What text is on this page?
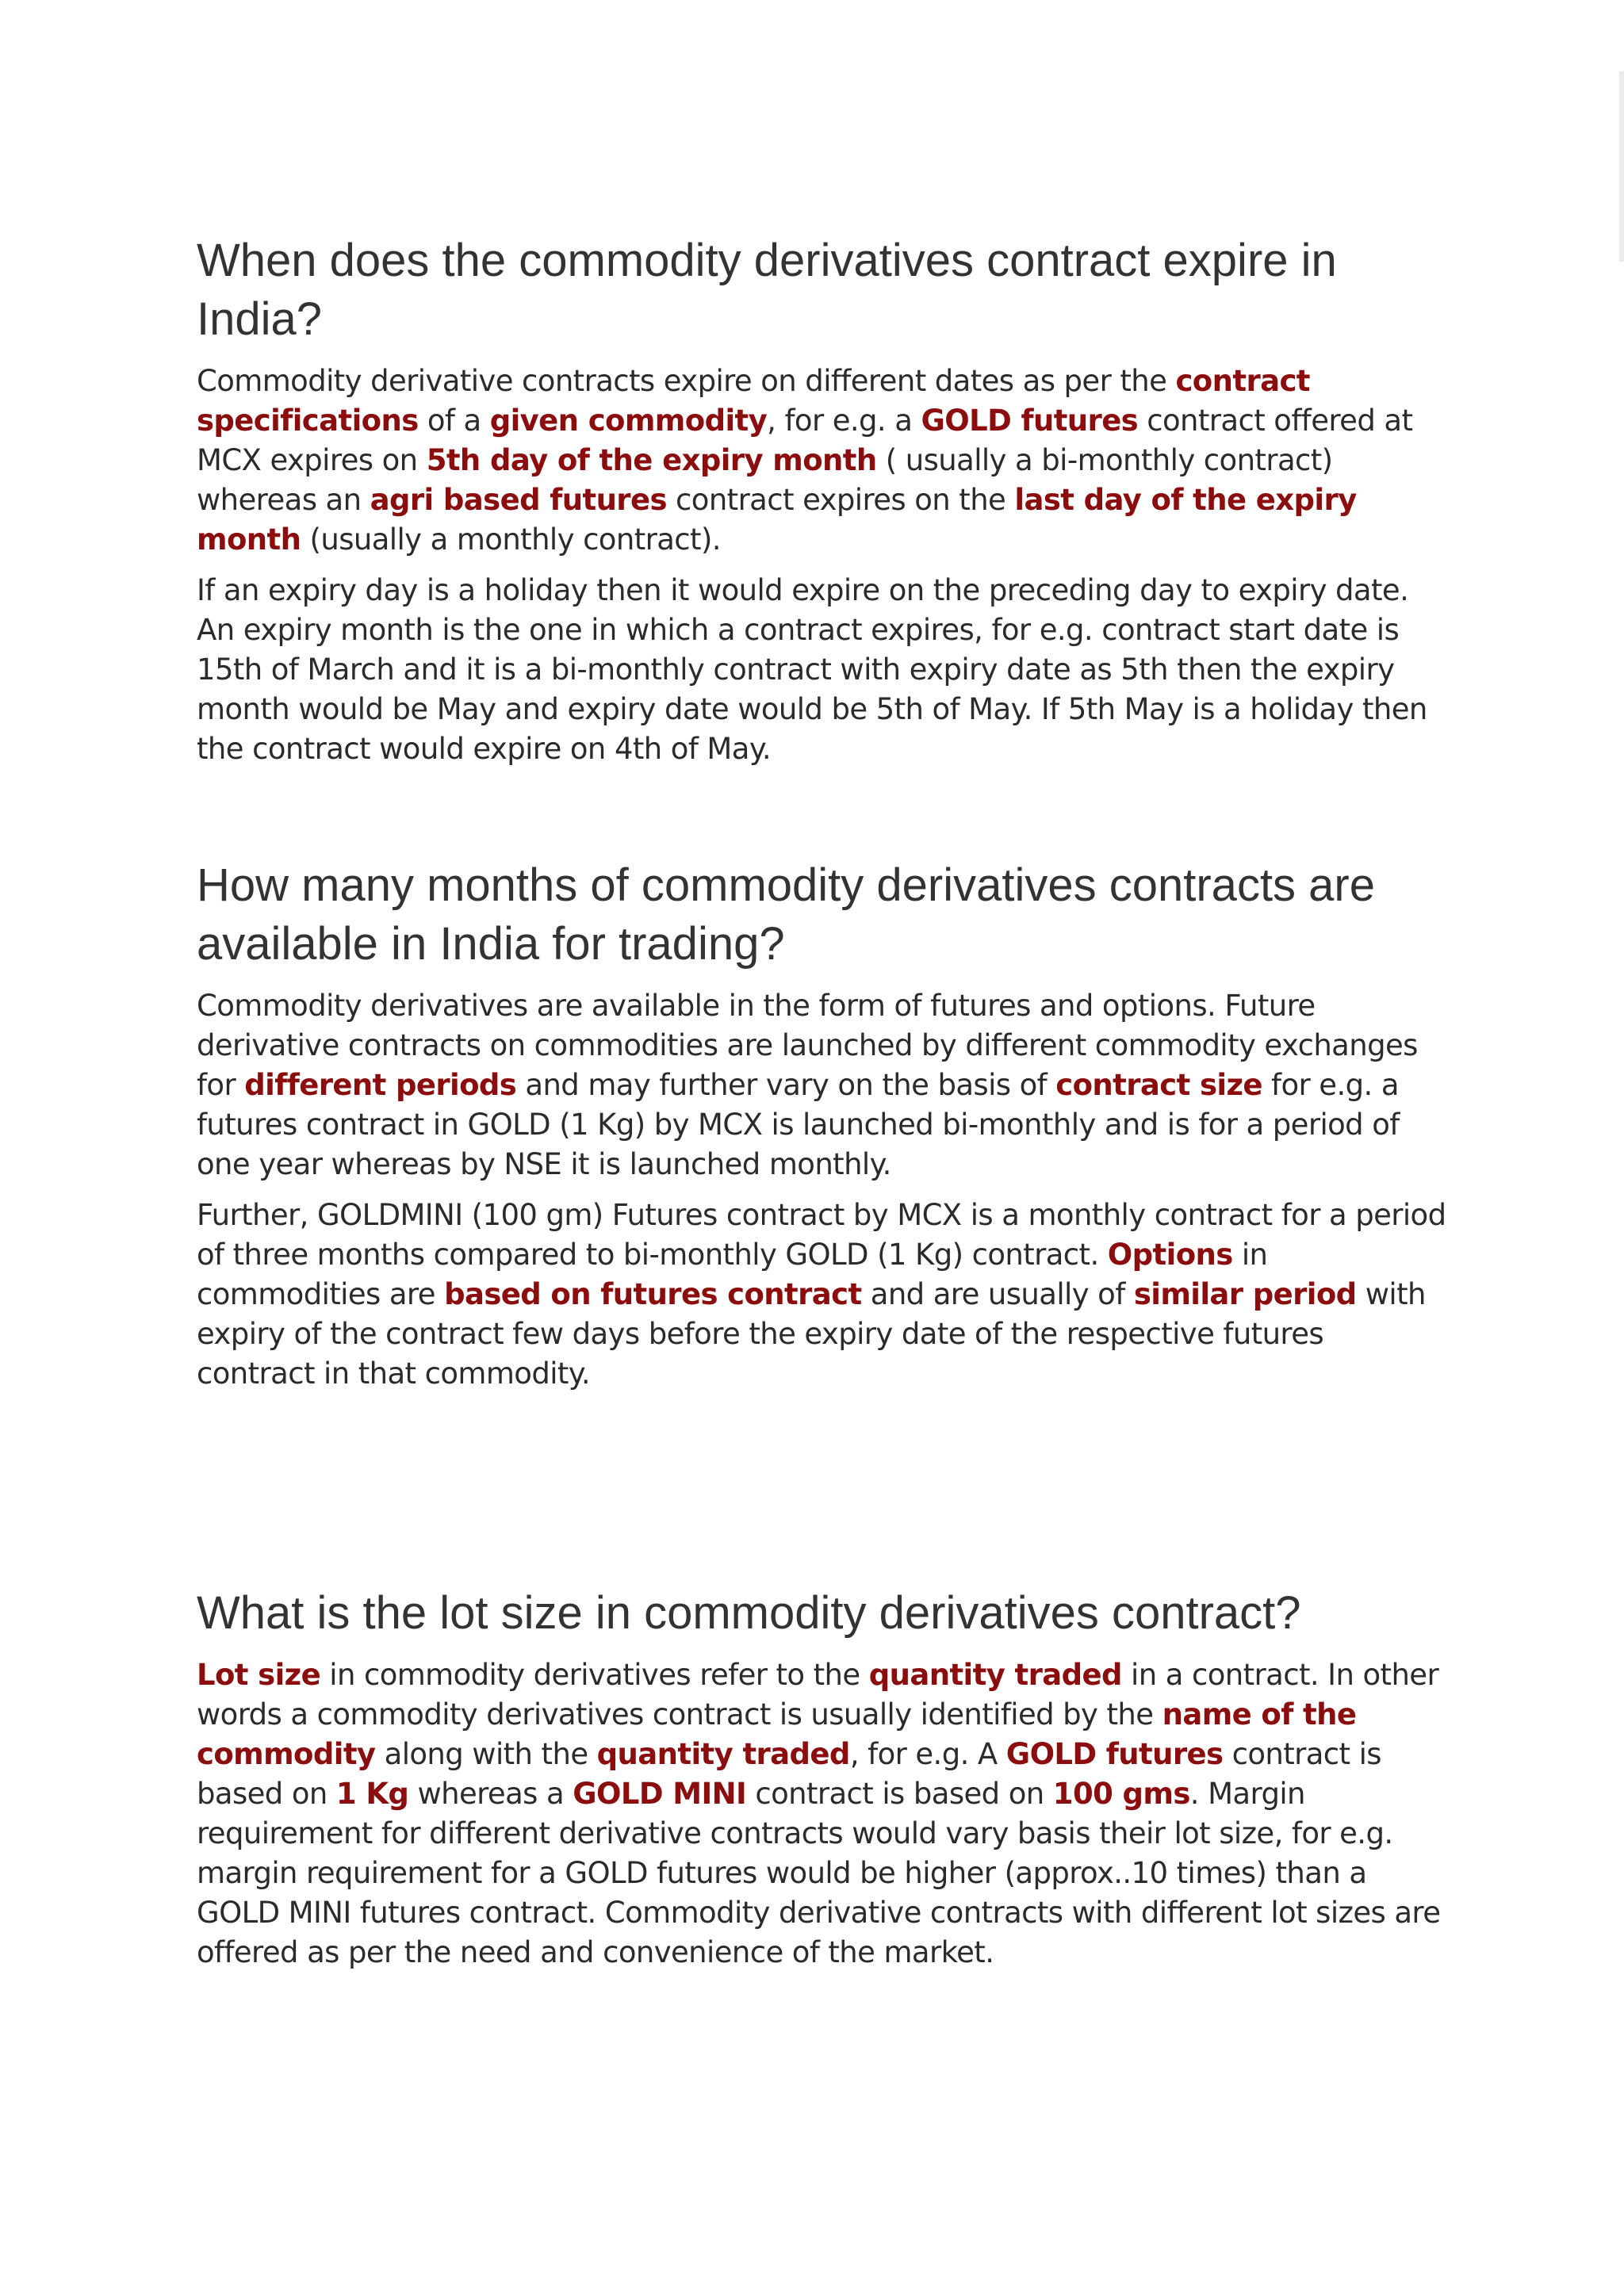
When does the commodity derivatives contract expire in India?

Commodity derivative contracts expire on different dates as per the contract specifications of a given commodity, for e.g. a GOLD futures contract offered at MCX expires on 5th day of the expiry month ( usually a bi-monthly contract) whereas an agri based futures contract expires on the last day of the expiry month (usually a monthly contract).

If an expiry day is a holiday then it would expire on the preceding day to expiry date. An expiry month is the one in which a contract expires, for e.g. contract start date is 15th of March and it is a bi-monthly contract with expiry date as 5th then the expiry month would be May and expiry date would be 5th of May. If 5th May is a holiday then the contract would expire on 4th of May.

How many months of commodity derivatives contracts are available in India for trading?

Commodity derivatives are available in the form of futures and options. Future derivative contracts on commodities are launched by different commodity exchanges for different periods and may further vary on the basis of contract size for e.g. a futures contract in GOLD (1 Kg) by MCX is launched bi-monthly and is for a period of one year whereas by NSE it is launched monthly.

Further, GOLDMINI (100 gm) Futures contract by MCX is a monthly contract for a period of three months compared to bi-monthly GOLD (1 Kg) contract. Options in commodities are based on futures contract and are usually of similar period with expiry of the contract few days before the expiry date of the respective futures contract in that commodity.

What is the lot size in commodity derivatives contract?

Lot size in commodity derivatives refer to the quantity traded in a contract. In other words a commodity derivatives contract is usually identified by the name of the commodity along with the quantity traded, for e.g. A GOLD futures contract is based on 1 Kg whereas a GOLD MINI contract is based on 100 gms. Margin requirement for different derivative contracts would vary basis their lot size, for e.g. margin requirement for a GOLD futures would be higher (approx..10 times) than a GOLD MINI futures contract. Commodity derivative contracts with different lot sizes are offered as per the need and convenience of the market.
